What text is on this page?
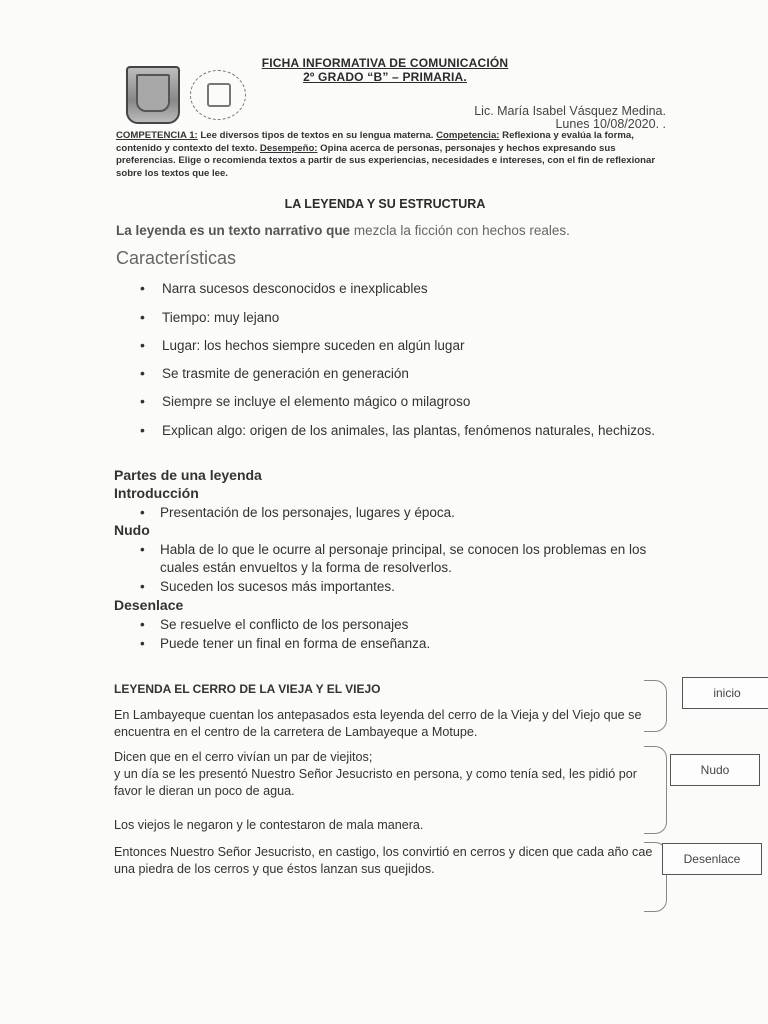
FICHA INFORMATIVA DE COMUNICACIÓN
2º GRADO “B” – PRIMARIA.
Lic. María Isabel Vásquez Medina.
Lunes 10/08/2020. .
COMPETENCIA 1: Lee diversos tipos de textos en su lengua materna. Competencia: Reflexiona y evalúa la forma, contenido y contexto del texto. Desempeño: Opina acerca de personas, personajes y hechos expresando sus preferencias. Elige o recomienda textos a partir de sus experiencias, necesidades e intereses, con el fin de reflexionar sobre los textos que lee.
LA LEYENDA Y SU ESTRUCTURA
La leyenda es un texto narrativo que mezcla la ficción con hechos reales.
Características
•	Narra sucesos desconocidos e inexplicables
•	Tiempo: muy lejano
•	Lugar: los hechos siempre suceden en algún lugar
•	Se trasmite de generación en generación
•	Siempre se incluye el elemento mágico o milagroso
•	Explican algo: origen de los animales, las plantas, fenómenos naturales, hechizos.
Partes de una leyenda
Introducción
•	Presentación de los personajes, lugares y época.
Nudo
•	Habla de lo que le ocurre al personaje principal, se conocen los problemas en los cuales están envueltos y la forma de resolverlos.
•	Suceden los sucesos más importantes.
Desenlace
•	Se resuelve el conflicto de los personajes
•	Puede tener un final en forma de enseñanza.
LEYENDA EL CERRO DE LA VIEJA Y EL VIEJO
En Lambayeque cuentan los antepasados esta leyenda del cerro de la Vieja y del Viejo que se encuentra en el centro de la carretera de Lambayeque a Motupe.
Dicen que en el cerro vivían un par de viejitos;
y un día se les presentó Nuestro Señor Jesucristo en persona, y como tenía sed, les pidió por favor le dieran un poco de agua.
Los viejos le negaron y le contestaron de mala manera.
Entonces Nuestro Señor Jesucristo, en castigo, los convirtió en cerros y dicen que cada año cae una piedra de los cerros y que éstos lanzan sus quejidos.
inicio
Nudo
Desenlace
